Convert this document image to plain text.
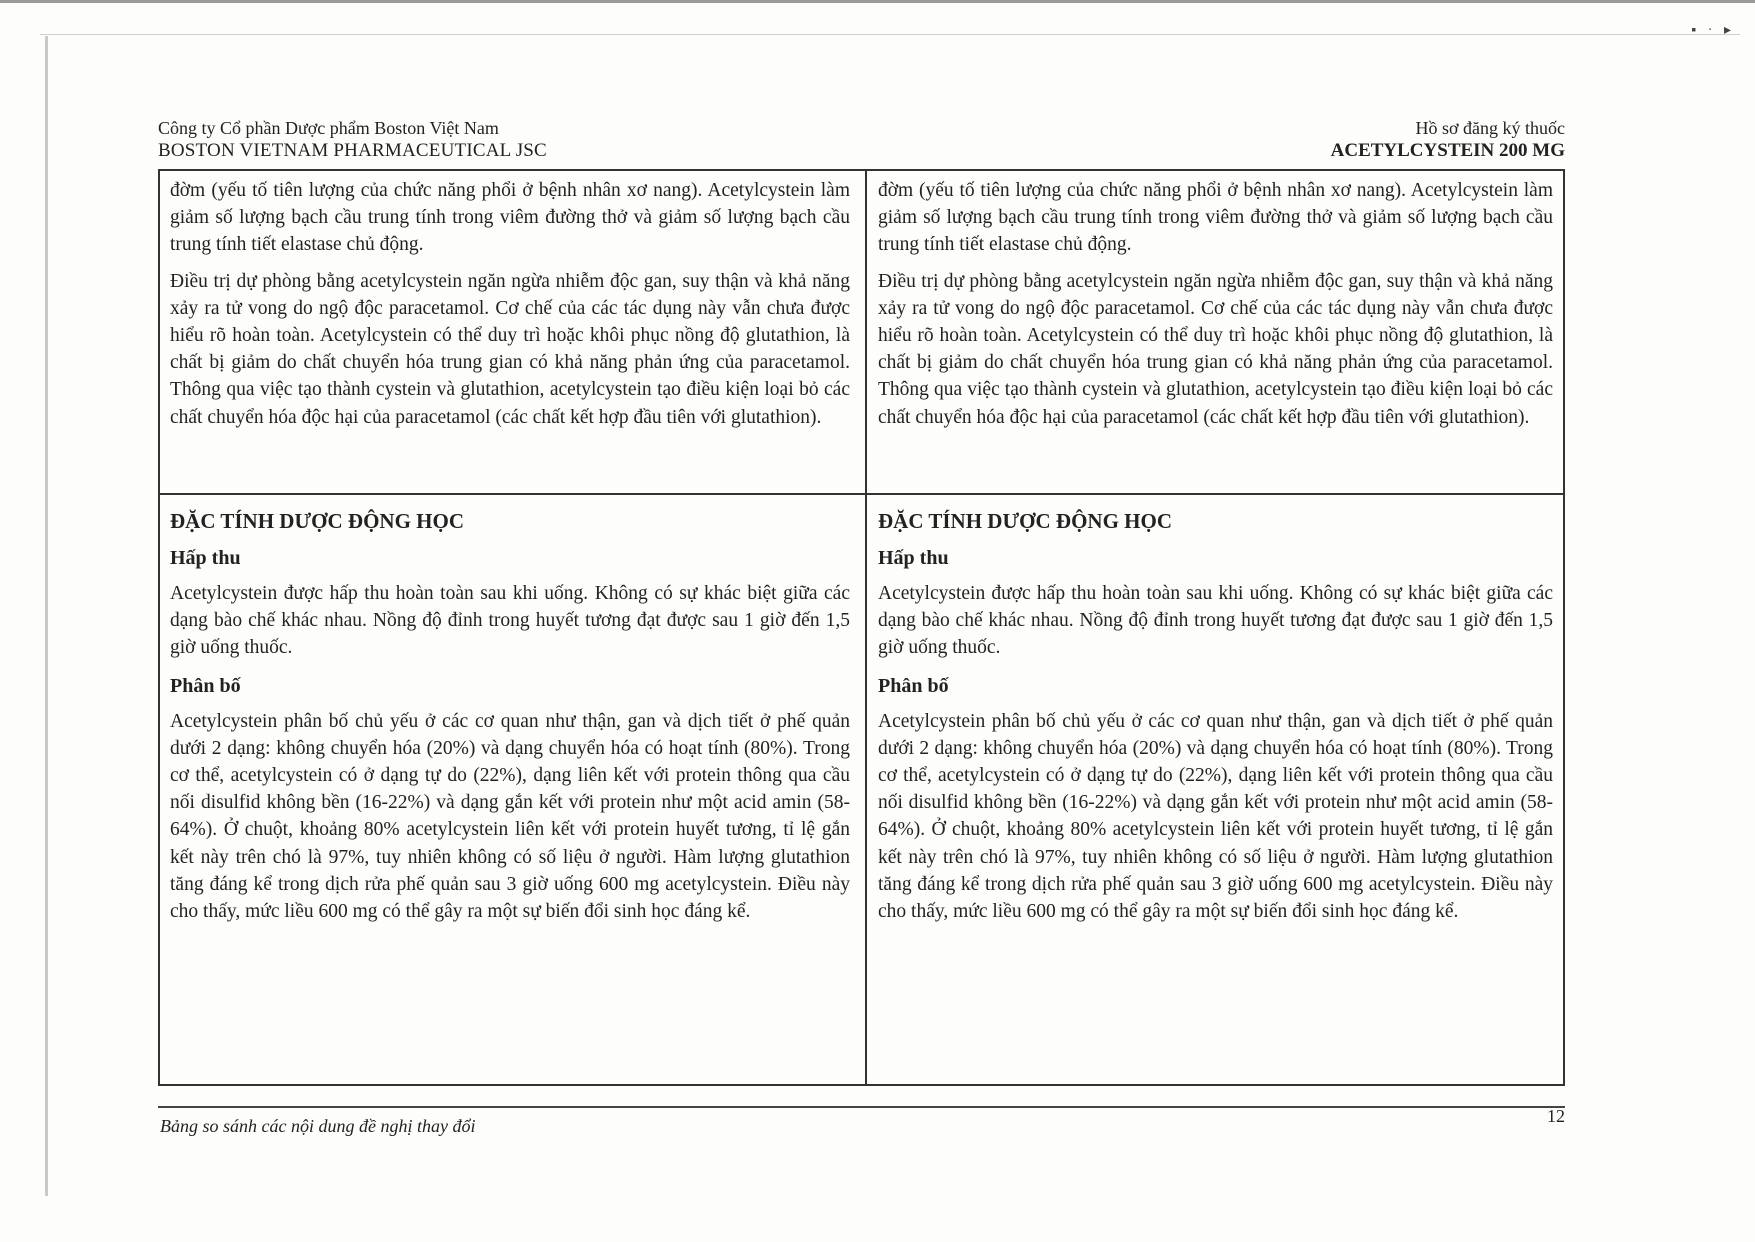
▪ · ▸
Công ty Cổ phần Dược phẩm Boston Việt Nam
BOSTON VIETNAM PHARMACEUTICAL JSC
Hồ sơ đăng ký thuốc
ACETYLCYSTEIN 200 MG

đờm (yếu tố tiên lượng của chức năng phổi ở bệnh nhân xơ nang). Acetylcystein làm giảm số lượng bạch cầu trung tính trong viêm đường thở và giảm số lượng bạch cầu trung tính tiết elastase chủ động.

Điều trị dự phòng bằng acetylcystein ngăn ngừa nhiễm độc gan, suy thận và khả năng xảy ra tử vong do ngộ độc paracetamol. Cơ chế của các tác dụng này vẫn chưa được hiểu rõ hoàn toàn. Acetylcystein có thể duy trì hoặc khôi phục nồng độ glutathion, là chất bị giảm do chất chuyển hóa trung gian có khả năng phản ứng của paracetamol. Thông qua việc tạo thành cystein và glutathion, acetylcystein tạo điều kiện loại bỏ các chất chuyển hóa độc hại của paracetamol (các chất kết hợp đầu tiên với glutathion).

đờm (yếu tố tiên lượng của chức năng phổi ở bệnh nhân xơ nang). Acetylcystein làm giảm số lượng bạch cầu trung tính trong viêm đường thở và giảm số lượng bạch cầu trung tính tiết elastase chủ động.

Điều trị dự phòng bằng acetylcystein ngăn ngừa nhiễm độc gan, suy thận và khả năng xảy ra tử vong do ngộ độc paracetamol. Cơ chế của các tác dụng này vẫn chưa được hiểu rõ hoàn toàn. Acetylcystein có thể duy trì hoặc khôi phục nồng độ glutathion, là chất bị giảm do chất chuyển hóa trung gian có khả năng phản ứng của paracetamol. Thông qua việc tạo thành cystein và glutathion, acetylcystein tạo điều kiện loại bỏ các chất chuyển hóa độc hại của paracetamol (các chất kết hợp đầu tiên với glutathion).

ĐẶC TÍNH DƯỢC ĐỘNG HỌC
Hấp thu

Acetylcystein được hấp thu hoàn toàn sau khi uống. Không có sự khác biệt giữa các dạng bào chế khác nhau. Nồng độ đỉnh trong huyết tương đạt được sau 1 giờ đến 1,5 giờ uống thuốc.

Phân bố

Acetylcystein phân bố chủ yếu ở các cơ quan như thận, gan và dịch tiết ở phế quản dưới 2 dạng: không chuyển hóa (20%) và dạng chuyển hóa có hoạt tính (80%). Trong cơ thể, acetylcystein có ở dạng tự do (22%), dạng liên kết với protein thông qua cầu nối disulfid không bền (16-22%) và dạng gắn kết với protein như một acid amin (58-64%). Ở chuột, khoảng 80% acetylcystein liên kết với protein huyết tương, tỉ lệ gắn kết này trên chó là 97%, tuy nhiên không có số liệu ở người. Hàm lượng glutathion tăng đáng kể trong dịch rửa phế quản sau 3 giờ uống 600 mg acetylcystein. Điều này cho thấy, mức liều 600 mg có thể gây ra một sự biến đổi sinh học đáng kể.

ĐẶC TÍNH DƯỢC ĐỘNG HỌC
Hấp thu

Acetylcystein được hấp thu hoàn toàn sau khi uống. Không có sự khác biệt giữa các dạng bào chế khác nhau. Nồng độ đỉnh trong huyết tương đạt được sau 1 giờ đến 1,5 giờ uống thuốc.

Phân bố

Acetylcystein phân bố chủ yếu ở các cơ quan như thận, gan và dịch tiết ở phế quản dưới 2 dạng: không chuyển hóa (20%) và dạng chuyển hóa có hoạt tính (80%). Trong cơ thể, acetylcystein có ở dạng tự do (22%), dạng liên kết với protein thông qua cầu nối disulfid không bền (16-22%) và dạng gắn kết với protein như một acid amin (58-64%). Ở chuột, khoảng 80% acetylcystein liên kết với protein huyết tương, tỉ lệ gắn kết này trên chó là 97%, tuy nhiên không có số liệu ở người. Hàm lượng glutathion tăng đáng kể trong dịch rửa phế quản sau 3 giờ uống 600 mg acetylcystein. Điều này cho thấy, mức liều 600 mg có thể gây ra một sự biến đổi sinh học đáng kể.

Bảng so sánh các nội dung đề nghị thay đổi	12
